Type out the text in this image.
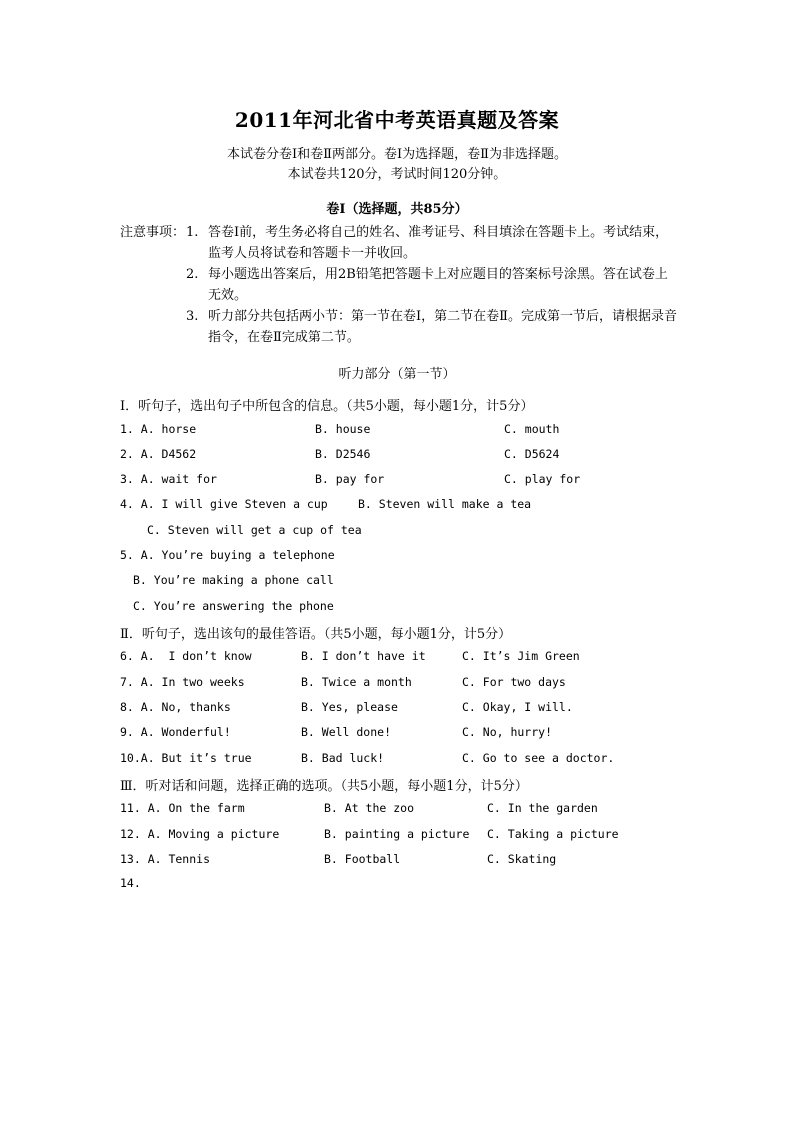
2011年河北省中考英语真题及答案
本试卷分卷Ⅰ和卷Ⅱ两部分。卷Ⅰ为选择题，卷Ⅱ为非选择题。
本试卷共120分，考试时间120分钟。
卷Ⅰ（选择题，共85分）
注意事项： 1. 答卷Ⅰ前，考生务必将自己的姓名、准考证号、科目填涂在答题卡上。考试结束，监考人员将试卷和答题卡一并收回。
2. 每小题选出答案后，用2B铅笔把答题卡上对应题目的答案标号涂黑。答在试卷上无效。
3. 听力部分共包括两小节：第一节在卷Ⅰ，第二节在卷Ⅱ。完成第一节后，请根据录音指令，在卷Ⅱ完成第二节。
听力部分（第一节）
Ⅰ．听句子，选出句子中所包含的信息。（共5小题，每小题1分，计5分）
1. A. horse	B. house	C. mouth
2. A. D4562	B. D2546	C. D5624
3. A. wait for	B. pay for	C. play for
4. A. I will give Steven a cup	B. Steven will make a tea
C. Steven will get a cup of tea
5. A. You’re buying a telephone
B. You’re making a phone call
C. You’re answering the phone
Ⅱ．听句子，选出该句的最佳答语。（共5小题，每小题1分，计5分）
6. A.  I don’t know	B. I don’t have it	C. It’s Jim Green
7. A. In two weeks	B. Twice a month	C. For two days
8. A. No, thanks	B. Yes, please	C. Okay, I will.
9. A. Wonderful!	B. Well done!	C. No, hurry!
10.A. But it’s true	B. Bad luck!	C. Go to see a doctor.
Ⅲ．听对话和问题，选择正确的选项。（共5小题，每小题1分，计5分）
11. A. On the farm	B. At the zoo	C. In the garden
12. A. Moving a picture	B. painting a picture C. Taking a picture
13. A. Tennis	B. Football	C. Skating
14.
